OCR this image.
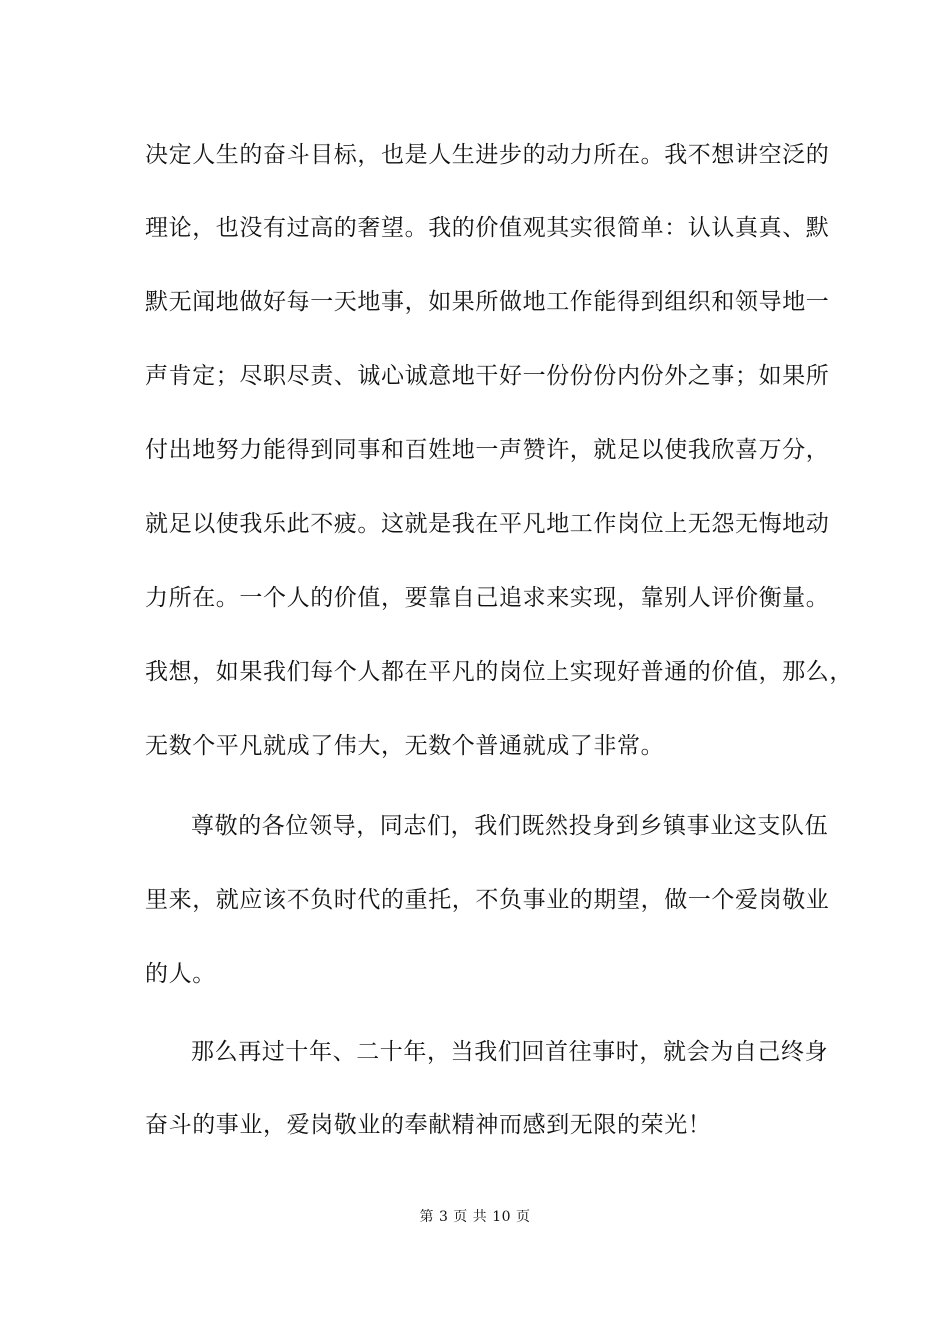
决定人生的奋斗目标，也是人生进步的动力所在。我不想讲空泛的
理论，也没有过高的奢望。我的价值观其实很简单：认认真真、默
默无闻地做好每一天地事，如果所做地工作能得到组织和领导地一
声肯定；尽职尽责、诚心诚意地干好一份份份内份外之事；如果所
付出地努力能得到同事和百姓地一声赞许，就足以使我欣喜万分，
就足以使我乐此不疲。这就是我在平凡地工作岗位上无怨无悔地动
力所在。一个人的价值，要靠自己追求来实现，靠别人评价衡量。
我想，如果我们每个人都在平凡的岗位上实现好普通的价值，那么，
无数个平凡就成了伟大，无数个普通就成了非常。
尊敬的各位领导，同志们，我们既然投身到乡镇事业这支队伍
里来，就应该不负时代的重托，不负事业的期望，做一个爱岗敬业
的人。
那么再过十年、二十年，当我们回首往事时，就会为自己终身
奋斗的事业，爱岗敬业的奉献精神而感到无限的荣光！
第 3 页 共 10 页
